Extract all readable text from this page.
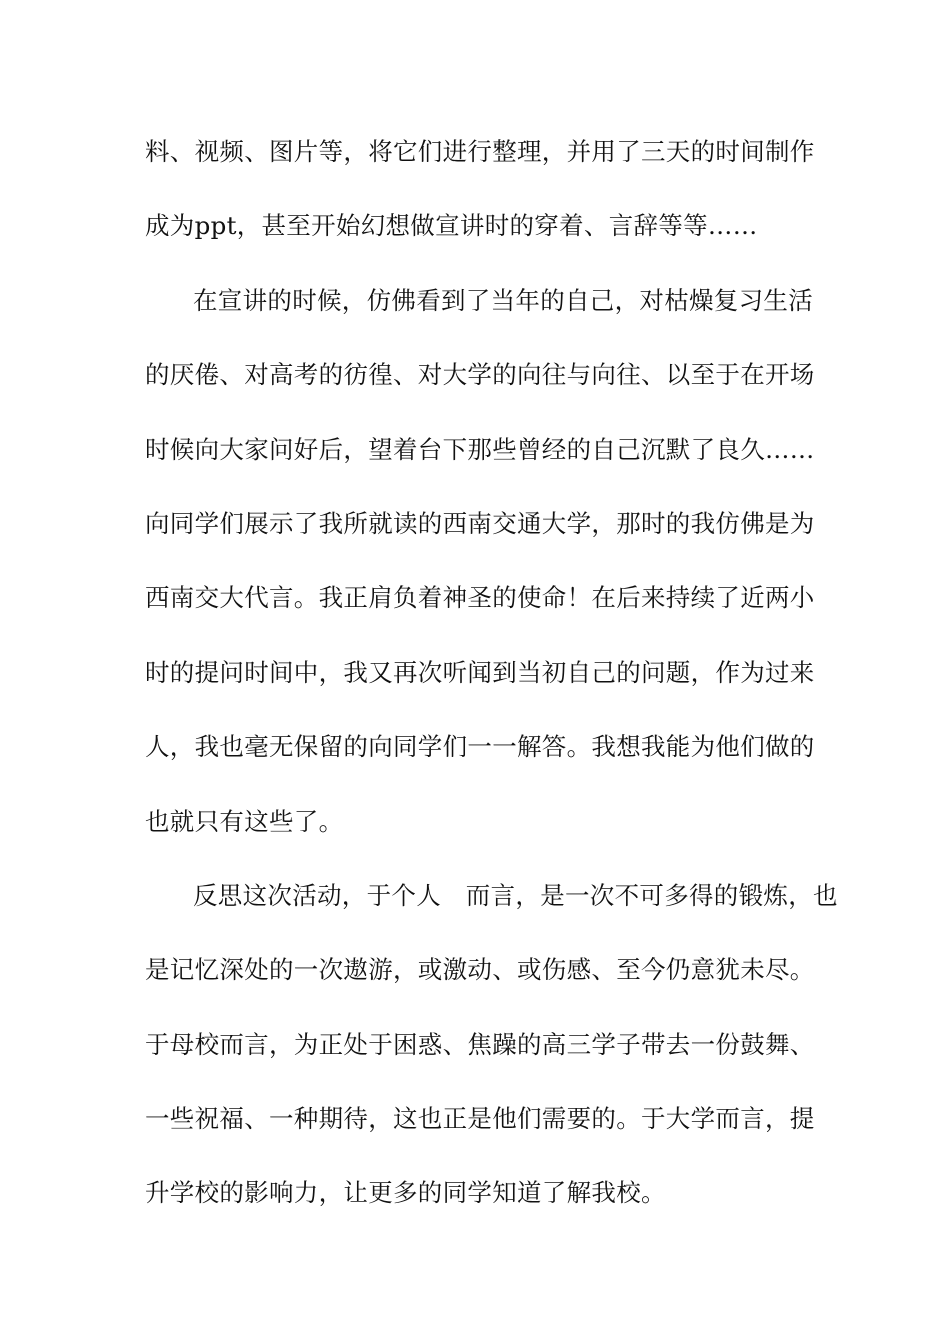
料、视频、图片等，将它们进行整理，并用了三天的时间制作
成为ppt，甚至开始幻想做宣讲时的穿着、言辞等等……
在宣讲的时候，仿佛看到了当年的自己，对枯燥复习生活
的厌倦、对高考的彷徨、对大学的向往与向往、以至于在开场
时候向大家问好后，望着台下那些曾经的自己沉默了良久……
向同学们展示了我所就读的西南交通大学，那时的我仿佛是为
西南交大代言。我正肩负着神圣的使命！在后来持续了近两小
时的提问时间中，我又再次听闻到当初自己的问题，作为过来
人，我也毫无保留的向同学们一一解答。我想我能为他们做的
也就只有这些了。
反思这次活动，于个人　而言，是一次不可多得的锻炼，也
是记忆深处的一次遨游，或激动、或伤感、至今仍意犹未尽。
于母校而言，为正处于困惑、焦躁的高三学子带去一份鼓舞、
一些祝福、一种期待，这也正是他们需要的。于大学而言，提
升学校的影响力，让更多的同学知道了解我校。
